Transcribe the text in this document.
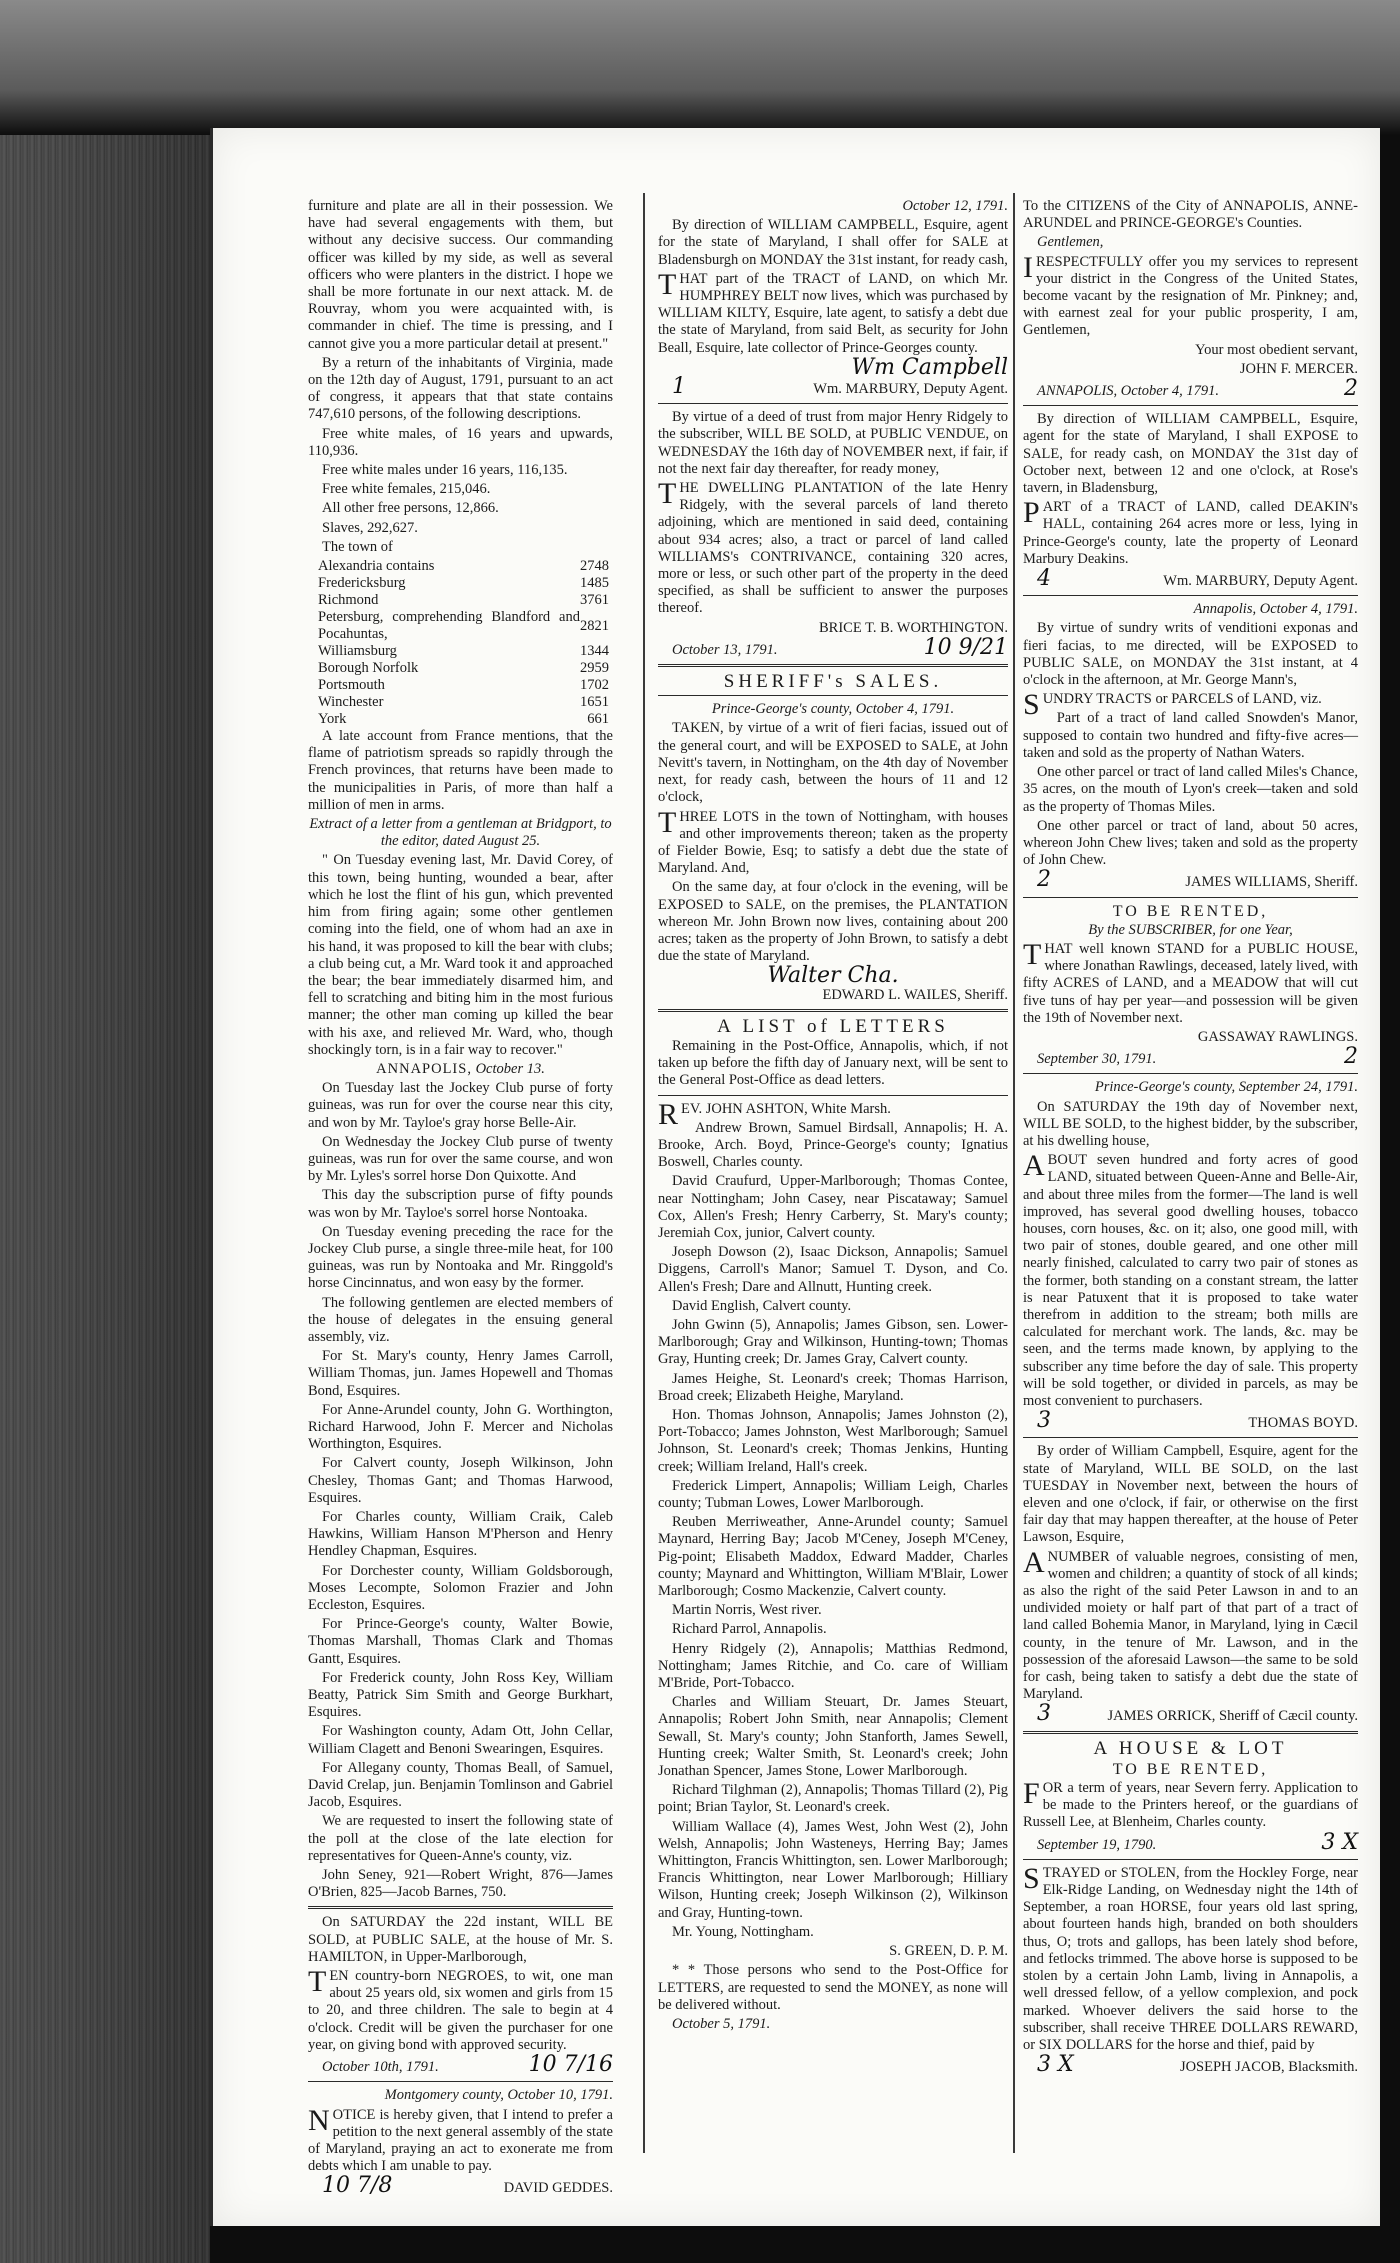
furniture and plate are all in their possession. We have had several engagements with them, but without any decisive success. Our commanding officer was killed by my side, as well as several officers who were planters in the district. I hope we shall be more fortunate in our next attack. M. de Rouvray, whom you were acquainted with, is commander in chief. The time is pressing, and I cannot give you a more particular detail at present."

By a return of the inhabitants of Virginia, made on the 12th day of August, 1791, pursuant to an act of congress, it appears that that state contains 747,610 persons, of the following descriptions.

Free white males, of 16 years and upwards, 110,936.

Free white males under 16 years, 116,135.

Free white females, 215,046.

All other free persons, 12,866.

Slaves, 292,627.

The town of

Alexandria contains	2748
Fredericksburg	1485
Richmond	3761
Petersburg, comprehending Blandford and Pocahuntas,	2821
Williamsburg	1344
Borough Norfolk	2959
Portsmouth	1702
Winchester	1651
York	661

A late account from France mentions, that the flame of patriotism spreads so rapidly through the French provinces, that returns have been made to the municipalities in Paris, of more than half a million of men in arms.

Extract of a letter from a gentleman at Bridgport, to the editor, dated August 25.

" On Tuesday evening last, Mr. David Corey, of this town, being hunting, wounded a bear, after which he lost the flint of his gun, which prevented him from firing again; some other gentlemen coming into the field, one of whom had an axe in his hand, it was proposed to kill the bear with clubs; a club being cut, a Mr. Ward took it and approached the bear; the bear immediately disarmed him, and fell to scratching and biting him in the most furious manner; the other man coming up killed the bear with his axe, and relieved Mr. Ward, who, though shockingly torn, is in a fair way to recover."

ANNAPOLIS, October 13.

On Tuesday last the Jockey Club purse of forty guineas, was run for over the course near this city, and won by Mr. Tayloe's gray horse Belle-Air.

On Wednesday the Jockey Club purse of twenty guineas, was run for over the same course, and won by Mr. Lyles's sorrel horse Don Quixotte. And

This day the subscription purse of fifty pounds was won by Mr. Tayloe's sorrel horse Nontoaka.

On Tuesday evening preceding the race for the Jockey Club purse, a single three-mile heat, for 100 guineas, was run by Nontoaka and Mr. Ringgold's horse Cincinnatus, and won easy by the former.

The following gentlemen are elected members of the house of delegates in the ensuing general assembly, viz.

For St. Mary's county, Henry James Carroll, William Thomas, jun. James Hopewell and Thomas Bond, Esquires.

For Anne-Arundel county, John G. Worthington, Richard Harwood, John F. Mercer and Nicholas Worthington, Esquires.

For Calvert county, Joseph Wilkinson, John Chesley, Thomas Gant; and Thomas Harwood, Esquires.

For Charles county, William Craik, Caleb Hawkins, William Hanson M'Pherson and Henry Hendley Chapman, Esquires.

For Dorchester county, William Goldsborough, Moses Lecompte, Solomon Frazier and John Eccleston, Esquires.

For Prince-George's county, Walter Bowie, Thomas Marshall, Thomas Clark and Thomas Gantt, Esquires.

For Frederick county, John Ross Key, William Beatty, Patrick Sim Smith and George Burkhart, Esquires.

For Washington county, Adam Ott, John Cellar, William Clagett and Benoni Swearingen, Esquires.

For Allegany county, Thomas Beall, of Samuel, David Crelap, jun. Benjamin Tomlinson and Gabriel Jacob, Esquires.

We are requested to insert the following state of the poll at the close of the late election for representatives for Queen-Anne's county, viz.

John Seney, 921—Robert Wright, 876—James O'Brien, 825—Jacob Barnes, 750.

On SATURDAY the 22d instant, WILL BE SOLD, at PUBLIC SALE, at the house of Mr. S. HAMILTON, in Upper-Marlborough,

TEN country-born NEGROES, to wit, one man about 25 years old, six women and girls from 15 to 20, and three children. The sale to begin at 4 o'clock. Credit will be given the purchaser for one year, on giving bond with approved security.

October 10th, 1791.	10 7/16

Montgomery county, October 10, 1791.

NOTICE is hereby given, that I intend to prefer a petition to the next general assembly of the state of Maryland, praying an act to exonerate me from debts which I am unable to pay.

10 7/8	DAVID GEDDES.

October 12, 1791.

By direction of WILLIAM CAMPBELL, Esquire, agent for the state of Maryland, I shall offer for SALE at Bladensburgh on MONDAY the 31st instant, for ready cash,

THAT part of the TRACT of LAND, on which Mr. HUMPHREY BELT now lives, which was purchased by WILLIAM KILTY, Esquire, late agent, to satisfy a debt due the state of Maryland, from said Belt, as security for John Beall, Esquire, late collector of Prince-Georges county.

Wm Campbell

1	Wm. MARBURY, Deputy Agent.

By virtue of a deed of trust from major Henry Ridgely to the subscriber, WILL BE SOLD, at PUBLIC VENDUE, on WEDNESDAY the 16th day of NOVEMBER next, if fair, if not the next fair day thereafter, for ready money,

THE DWELLING PLANTATION of the late Henry Ridgely, with the several parcels of land thereto adjoining, which are mentioned in said deed, containing about 934 acres; also, a tract or parcel of land called WILLIAMS's CONTRIVANCE, containing 320 acres, more or less, or such other part of the property in the deed specified, as shall be sufficient to answer the purposes thereof.

BRICE T. B. WORTHINGTON.

October 13, 1791.	10 9/21

SHERIFF's SALES.

Prince-George's county, October 4, 1791.

TAKEN, by virtue of a writ of fieri facias, issued out of the general court, and will be EXPOSED to SALE, at John Nevitt's tavern, in Nottingham, on the 4th day of November next, for ready cash, between the hours of 11 and 12 o'clock,

THREE LOTS in the town of Nottingham, with houses and other improvements thereon; taken as the property of Fielder Bowie, Esq; to satisfy a debt due the state of Maryland. And,

On the same day, at four o'clock in the evening, will be EXPOSED to SALE, on the premises, the PLANTATION whereon Mr. John Brown now lives, containing about 200 acres; taken as the property of John Brown, to satisfy a debt due the state of Maryland.

Walter Cha.

EDWARD L. WAILES, Sheriff.

A LIST of LETTERS

Remaining in the Post-Office, Annapolis, which, if not taken up before the fifth day of January next, will be sent to the General Post-Office as dead letters.

REV. JOHN ASHTON, White Marsh.

Andrew Brown, Samuel Birdsall, Annapolis; H. A. Brooke, Arch. Boyd, Prince-George's county; Ignatius Boswell, Charles county.

David Craufurd, Upper-Marlborough; Thomas Contee, near Nottingham; John Casey, near Piscataway; Samuel Cox, Allen's Fresh; Henry Carberry, St. Mary's county; Jeremiah Cox, junior, Calvert county.

Joseph Dowson (2), Isaac Dickson, Annapolis; Samuel Diggens, Carroll's Manor; Samuel T. Dyson, and Co. Allen's Fresh; Dare and Allnutt, Hunting creek.

David English, Calvert county.

John Gwinn (5), Annapolis; James Gibson, sen. Lower-Marlborough; Gray and Wilkinson, Hunting-town; Thomas Gray, Hunting creek; Dr. James Gray, Calvert county.

James Heighe, St. Leonard's creek; Thomas Harrison, Broad creek; Elizabeth Heighe, Maryland.

Hon. Thomas Johnson, Annapolis; James Johnston (2), Port-Tobacco; James Johnston, West Marlborough; Samuel Johnson, St. Leonard's creek; Thomas Jenkins, Hunting creek; William Ireland, Hall's creek.

Frederick Limpert, Annapolis; William Leigh, Charles county; Tubman Lowes, Lower Marlborough.

Reuben Merriweather, Anne-Arundel county; Samuel Maynard, Herring Bay; Jacob M'Ceney, Joseph M'Ceney, Pig-point; Elisabeth Maddox, Edward Madder, Charles county; Maynard and Whittington, William M'Blair, Lower Marlborough; Cosmo Mackenzie, Calvert county.

Martin Norris, West river.

Richard Parrol, Annapolis.

Henry Ridgely (2), Annapolis; Matthias Redmond, Nottingham; James Ritchie, and Co. care of William M'Bride, Port-Tobacco.

Charles and William Steuart, Dr. James Steuart, Annapolis; Robert John Smith, near Annapolis; Clement Sewall, St. Mary's county; John Stanforth, James Sewell, Hunting creek; Walter Smith, St. Leonard's creek; John Jonathan Spencer, James Stone, Lower Marlborough.

Richard Tilghman (2), Annapolis; Thomas Tillard (2), Pig point; Brian Taylor, St. Leonard's creek.

William Wallace (4), James West, John West (2), John Welsh, Annapolis; John Wasteneys, Herring Bay; James Whittington, Francis Whittington, sen. Lower Marlborough; Francis Whittington, near Lower Marlborough; Hilliary Wilson, Hunting creek; Joseph Wilkinson (2), Wilkinson and Gray, Hunting-town.

Mr. Young, Nottingham.

S. GREEN, D. P. M.

* * Those persons who send to the Post-Office for LETTERS, are requested to send the MONEY, as none will be delivered without.

October 5, 1791.

To the CITIZENS of the City of ANNAPOLIS, ANNE-ARUNDEL and PRINCE-GEORGE's Counties.

Gentlemen,

IRESPECTFULLY offer you my services to represent your district in the Congress of the United States, become vacant by the resignation of Mr. Pinkney; and, with earnest zeal for your public prosperity, I am, Gentlemen,

Your most obedient servant,

JOHN F. MERCER.

ANNAPOLIS, October 4, 1791.	2

By direction of WILLIAM CAMPBELL, Esquire, agent for the state of Maryland, I shall EXPOSE to SALE, for ready cash, on MONDAY the 31st day of October next, between 12 and one o'clock, at Rose's tavern, in Bladensburg,

PART of a TRACT of LAND, called DEAKIN's HALL, containing 264 acres more or less, lying in Prince-George's county, late the property of Leonard Marbury Deakins.

4	Wm. MARBURY, Deputy Agent.

Annapolis, October 4, 1791.

By virtue of sundry writs of venditioni exponas and fieri facias, to me directed, will be EXPOSED to PUBLIC SALE, on MONDAY the 31st instant, at 4 o'clock in the afternoon, at Mr. George Mann's,

SUNDRY TRACTS or PARCELS of LAND, viz.

Part of a tract of land called Snowden's Manor, supposed to contain two hundred and fifty-five acres—taken and sold as the property of Nathan Waters.

One other parcel or tract of land called Miles's Chance, 35 acres, on the mouth of Lyon's creek—taken and sold as the property of Thomas Miles.

One other parcel or tract of land, about 50 acres, whereon John Chew lives; taken and sold as the property of John Chew.

2	JAMES WILLIAMS, Sheriff.

TO BE RENTED,

By the SUBSCRIBER, for one Year,

THAT well known STAND for a PUBLIC HOUSE, where Jonathan Rawlings, deceased, lately lived, with fifty ACRES of LAND, and a MEADOW that will cut five tuns of hay per year—and possession will be given the 19th of November next.

GASSAWAY RAWLINGS.

September 30, 1791.	2

Prince-George's county, September 24, 1791.

On SATURDAY the 19th day of November next, WILL BE SOLD, to the highest bidder, by the subscriber, at his dwelling house,

ABOUT seven hundred and forty acres of good LAND, situated between Queen-Anne and Belle-Air, and about three miles from the former—The land is well improved, has several good dwelling houses, tobacco houses, corn houses, &c. on it; also, one good mill, with two pair of stones, double geared, and one other mill nearly finished, calculated to carry two pair of stones as the former, both standing on a constant stream, the latter is near Patuxent that it is proposed to take water therefrom in addition to the stream; both mills are calculated for merchant work. The lands, &c. may be seen, and the terms made known, by applying to the subscriber any time before the day of sale. This property will be sold together, or divided in parcels, as may be most convenient to purchasers.

3	THOMAS BOYD.

By order of William Campbell, Esquire, agent for the state of Maryland, WILL BE SOLD, on the last TUESDAY in November next, between the hours of eleven and one o'clock, if fair, or otherwise on the first fair day that may happen thereafter, at the house of Peter Lawson, Esquire,

ANUMBER of valuable negroes, consisting of men, women and children; a quantity of stock of all kinds; as also the right of the said Peter Lawson in and to an undivided moiety or half part of that part of a tract of land called Bohemia Manor, in Maryland, lying in Cæcil county, in the tenure of Mr. Lawson, and in the possession of the aforesaid Lawson—the same to be sold for cash, being taken to satisfy a debt due the state of Maryland.

3	JAMES ORRICK, Sheriff of Cæcil county.

A HOUSE & LOT

TO BE RENTED,

FOR a term of years, near Severn ferry. Application to be made to the Printers hereof, or the guardians of Russell Lee, at Blenheim, Charles county.

September 19, 1790.	3 X

STRAYED or STOLEN, from the Hockley Forge, near Elk-Ridge Landing, on Wednesday night the 14th of September, a roan HORSE, four years old last spring, about fourteen hands high, branded on both shoulders thus, O; trots and gallops, has been lately shod before, and fetlocks trimmed. The above horse is supposed to be stolen by a certain John Lamb, living in Annapolis, a well dressed fellow, of a yellow complexion, and pock marked. Whoever delivers the said horse to the subscriber, shall receive THREE DOLLARS REWARD, or SIX DOLLARS for the horse and thief, paid by

3 X	JOSEPH JACOB, Blacksmith.
